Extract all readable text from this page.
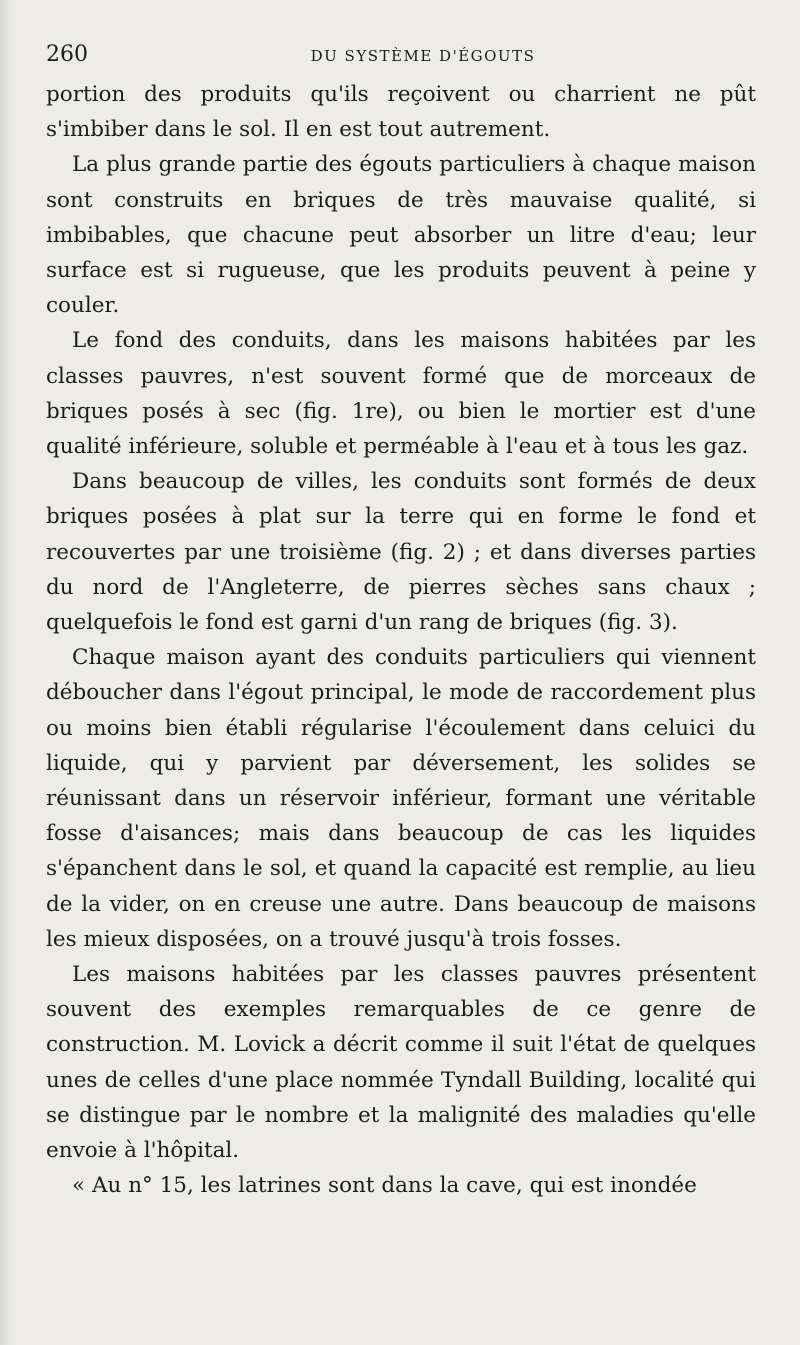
260	DU SYSTÈME D'ÉGOUTS

portion des produits qu'ils reçoivent ou charrient ne pût s'imbiber dans le sol. Il en est tout autrement.

La plus grande partie des égouts particuliers à chaque maison sont construits en briques de très mauvaise qualité, si imbibables, que chacune peut absorber un litre d'eau; leur surface est si rugueuse, que les produits peuvent à peine y couler.

Le fond des conduits, dans les maisons habitées par les classes pauvres, n'est souvent formé que de morceaux de briques posés à sec (fig. 1re), ou bien le mortier est d'une qualité inférieure, soluble et perméable à l'eau et à tous les gaz.

Dans beaucoup de villes, les conduits sont formés de deux briques posées à plat sur la terre qui en forme le fond et recouvertes par une troisième (fig. 2) ; et dans diverses parties du nord de l'Angleterre, de pierres sèches sans chaux ; quelquefois le fond est garni d'un rang de briques (fig. 3).

Chaque maison ayant des conduits particuliers qui viennent déboucher dans l'égout principal, le mode de raccordement plus ou moins bien établi régularise l'écoulement dans celuici du liquide, qui y parvient par déversement, les solides se réunissant dans un réservoir inférieur, formant une véritable fosse d'aisances; mais dans beaucoup de cas les liquides s'épanchent dans le sol, et quand la capacité est remplie, au lieu de la vider, on en creuse une autre. Dans beaucoup de maisons les mieux disposées, on a trouvé jusqu'à trois fosses.

Les maisons habitées par les classes pauvres présentent souvent des exemples remarquables de ce genre de construction. M. Lovick a décrit comme il suit l'état de quelques unes de celles d'une place nommée Tyndall Building, localité qui se distingue par le nombre et la malignité des maladies qu'elle envoie à l'hôpital.

« Au n° 15, les latrines sont dans la cave, qui est inondée
